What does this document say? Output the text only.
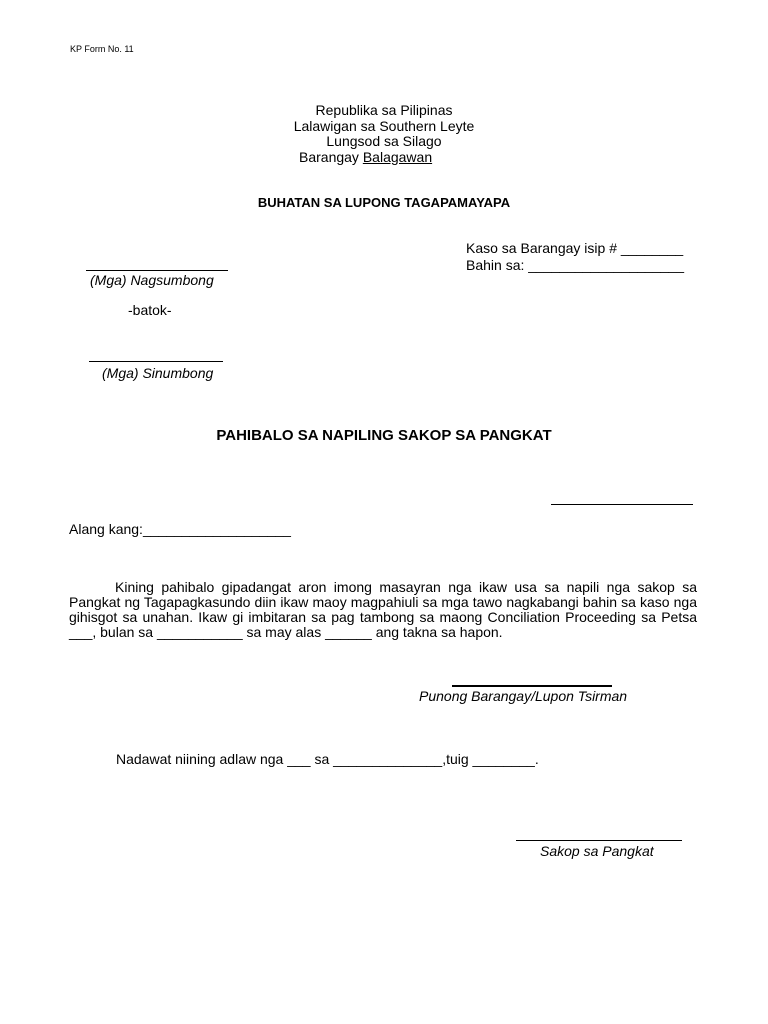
KP Form No. 11
Republika sa Pilipinas
Lalawigan sa Southern Leyte
Lungsod sa Silago
Barangay Balagawan
BUHATAN SA LUPONG TAGAPAMAYAPA
Kaso sa Barangay isip # ________
Bahin sa: ____________________
(Mga) Nagsumbong
-batok-
(Mga) Sinumbong
PAHIBALO SA NAPILING SAKOP SA PANGKAT
Alang kang:___________________
Kining pahibalo gipadangat aron imong masayran nga ikaw usa sa napili nga sakop sa Pangkat ng Tagapagkasundo diin ikaw maoy magpahiuli sa mga tawo nagkabangi bahin sa kaso nga gihisgot sa unahan. Ikaw gi imbitaran sa pag tambong sa maong Conciliation Proceeding sa Petsa ___, bulan sa ___________ sa may alas ______ ang takna sa hapon.
Punong Barangay/Lupon Tsirman
Nadawat niining adlaw nga ___ sa ______________,tuig ________.
Sakop sa Pangkat
